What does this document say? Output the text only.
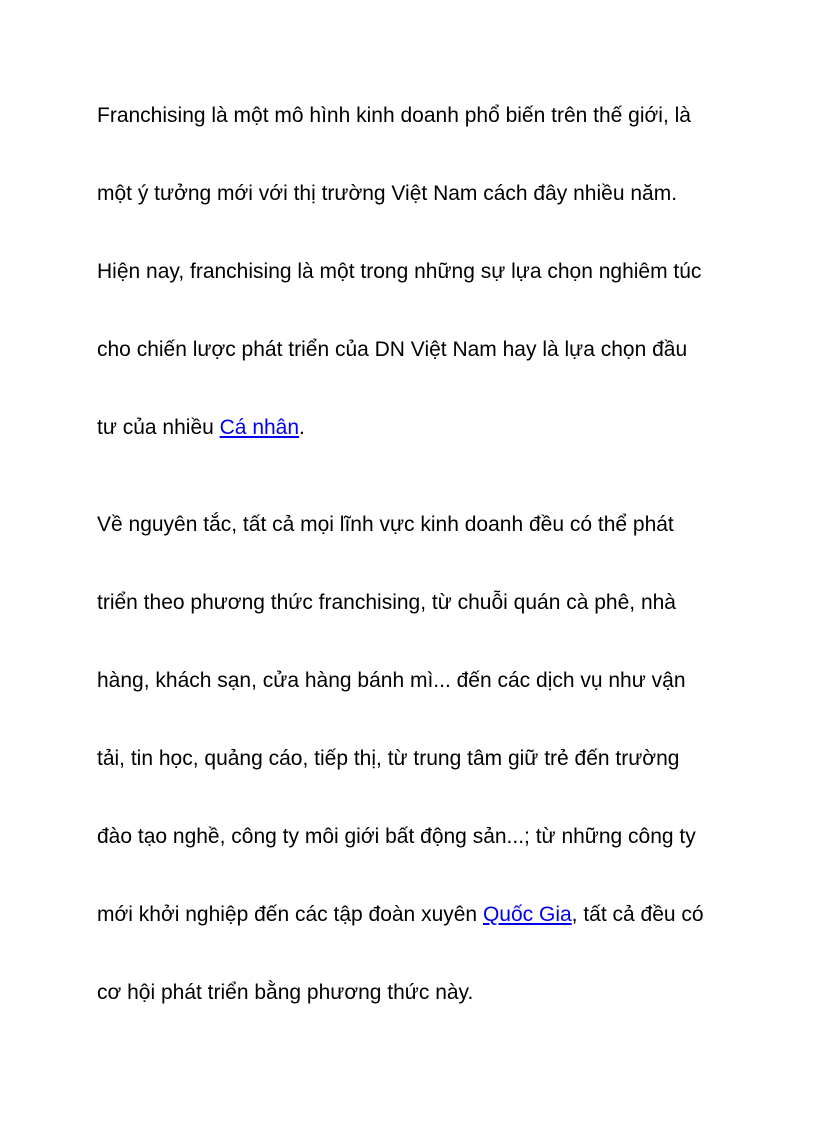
Franchising là một mô hình kinh doanh phổ biến trên thế giới, là
một ý tưởng mới với thị trường Việt Nam cách đây nhiều năm.
Hiện nay, franchising là một trong những sự lựa chọn nghiêm túc
cho chiến lược phát triển của DN Việt Nam hay là lựa chọn đầu
tư của nhiều Cá nhân.
Về nguyên tắc, tất cả mọi lĩnh vực kinh doanh đều có thể phát
triển theo phương thức franchising, từ chuỗi quán cà phê, nhà
hàng, khách sạn, cửa hàng bánh mì... đến các dịch vụ như vận
tải, tin học, quảng cáo, tiếp thị, từ trung tâm giữ trẻ đến trường
đào tạo nghề, công ty môi giới bất động sản...; từ những công ty
mới khởi nghiệp đến các tập đoàn xuyên Quốc Gia, tất cả đều có
cơ hội phát triển bằng phương thức này.
